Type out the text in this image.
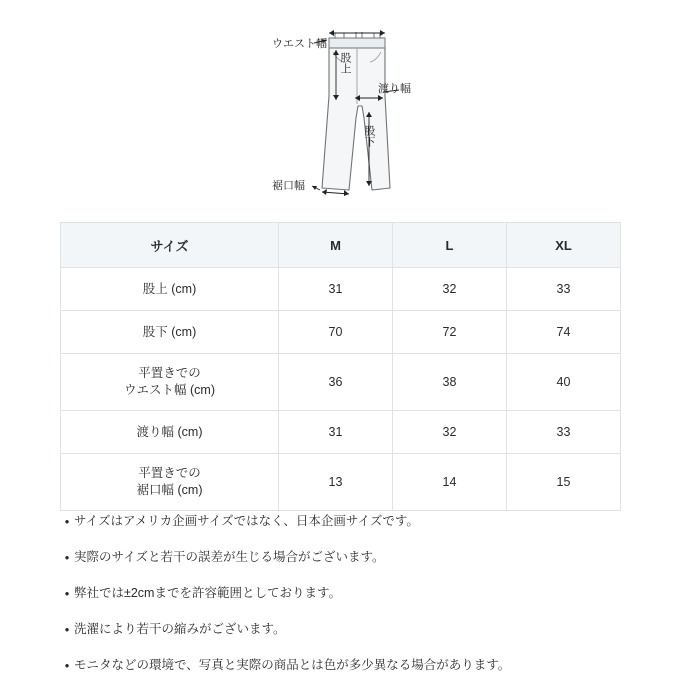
ウエスト幅
股上
渡り幅
股下
裾口幅
サイズ	M	L	XL
股上 (cm)	31	32	33
股下 (cm)	70	72	74

平置きでの
ウエスト幅 (cm)	36	38	40
渡り幅 (cm)	31	32	33

平置きでの
裾口幅 (cm)	13	14	15
• サイズはアメリカ企画サイズではなく、日本企画サイズです。
• 実際のサイズと若干の誤差が生じる場合がございます。
• 弊社では±2cmまでを許容範囲としております。
• 洗濯により若干の縮みがございます。
• モニタなどの環境で、写真と実際の商品とは色が多少異なる場合があります。
